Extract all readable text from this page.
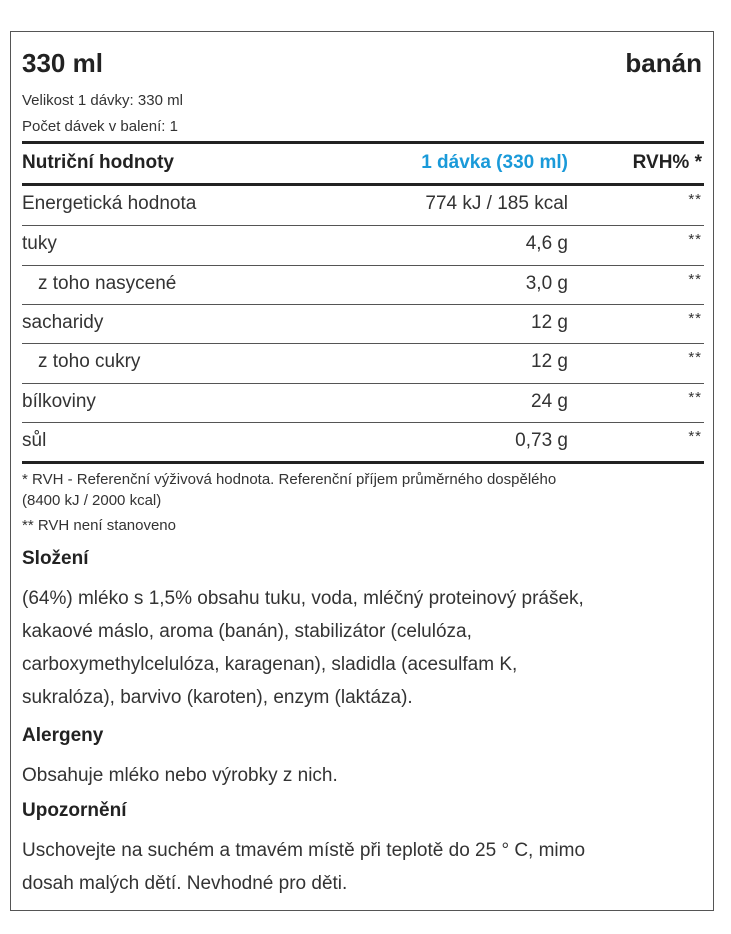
330 ml	banán
Velikost 1 dávky: 330 ml
Počet dávek v balení: 1
Nutriční hodnoty	1 dávka (330 ml)	RVH% *
Energetická hodnota	774 kJ / 185 kcal	**
tuky	4,6 g	**
z toho nasycené	3,0 g	**
sacharidy	12 g	**
z toho cukry	12 g	**
bílkoviny	24 g	**
sůl	0,73 g	**
* RVH - Referenční výživová hodnota. Referenční příjem průměrného dospělého
(8400 kJ / 2000 kcal)
** RVH není stanoveno
Složení
(64%) mléko s 1,5% obsahu tuku, voda, mléčný proteinový prášek,
kakaové máslo, aroma (banán), stabilizátor (celulóza,
carboxymethylcelulóza, karagenan), sladidla (acesulfam K,
sukralóza), barvivo (karoten), enzym (laktáza).
Alergeny
Obsahuje mléko nebo výrobky z nich.
Upozornění
Uschovejte na suchém a tmavém místě při teplotě do 25 ° C, mimo
dosah malých dětí. Nevhodné pro děti.
